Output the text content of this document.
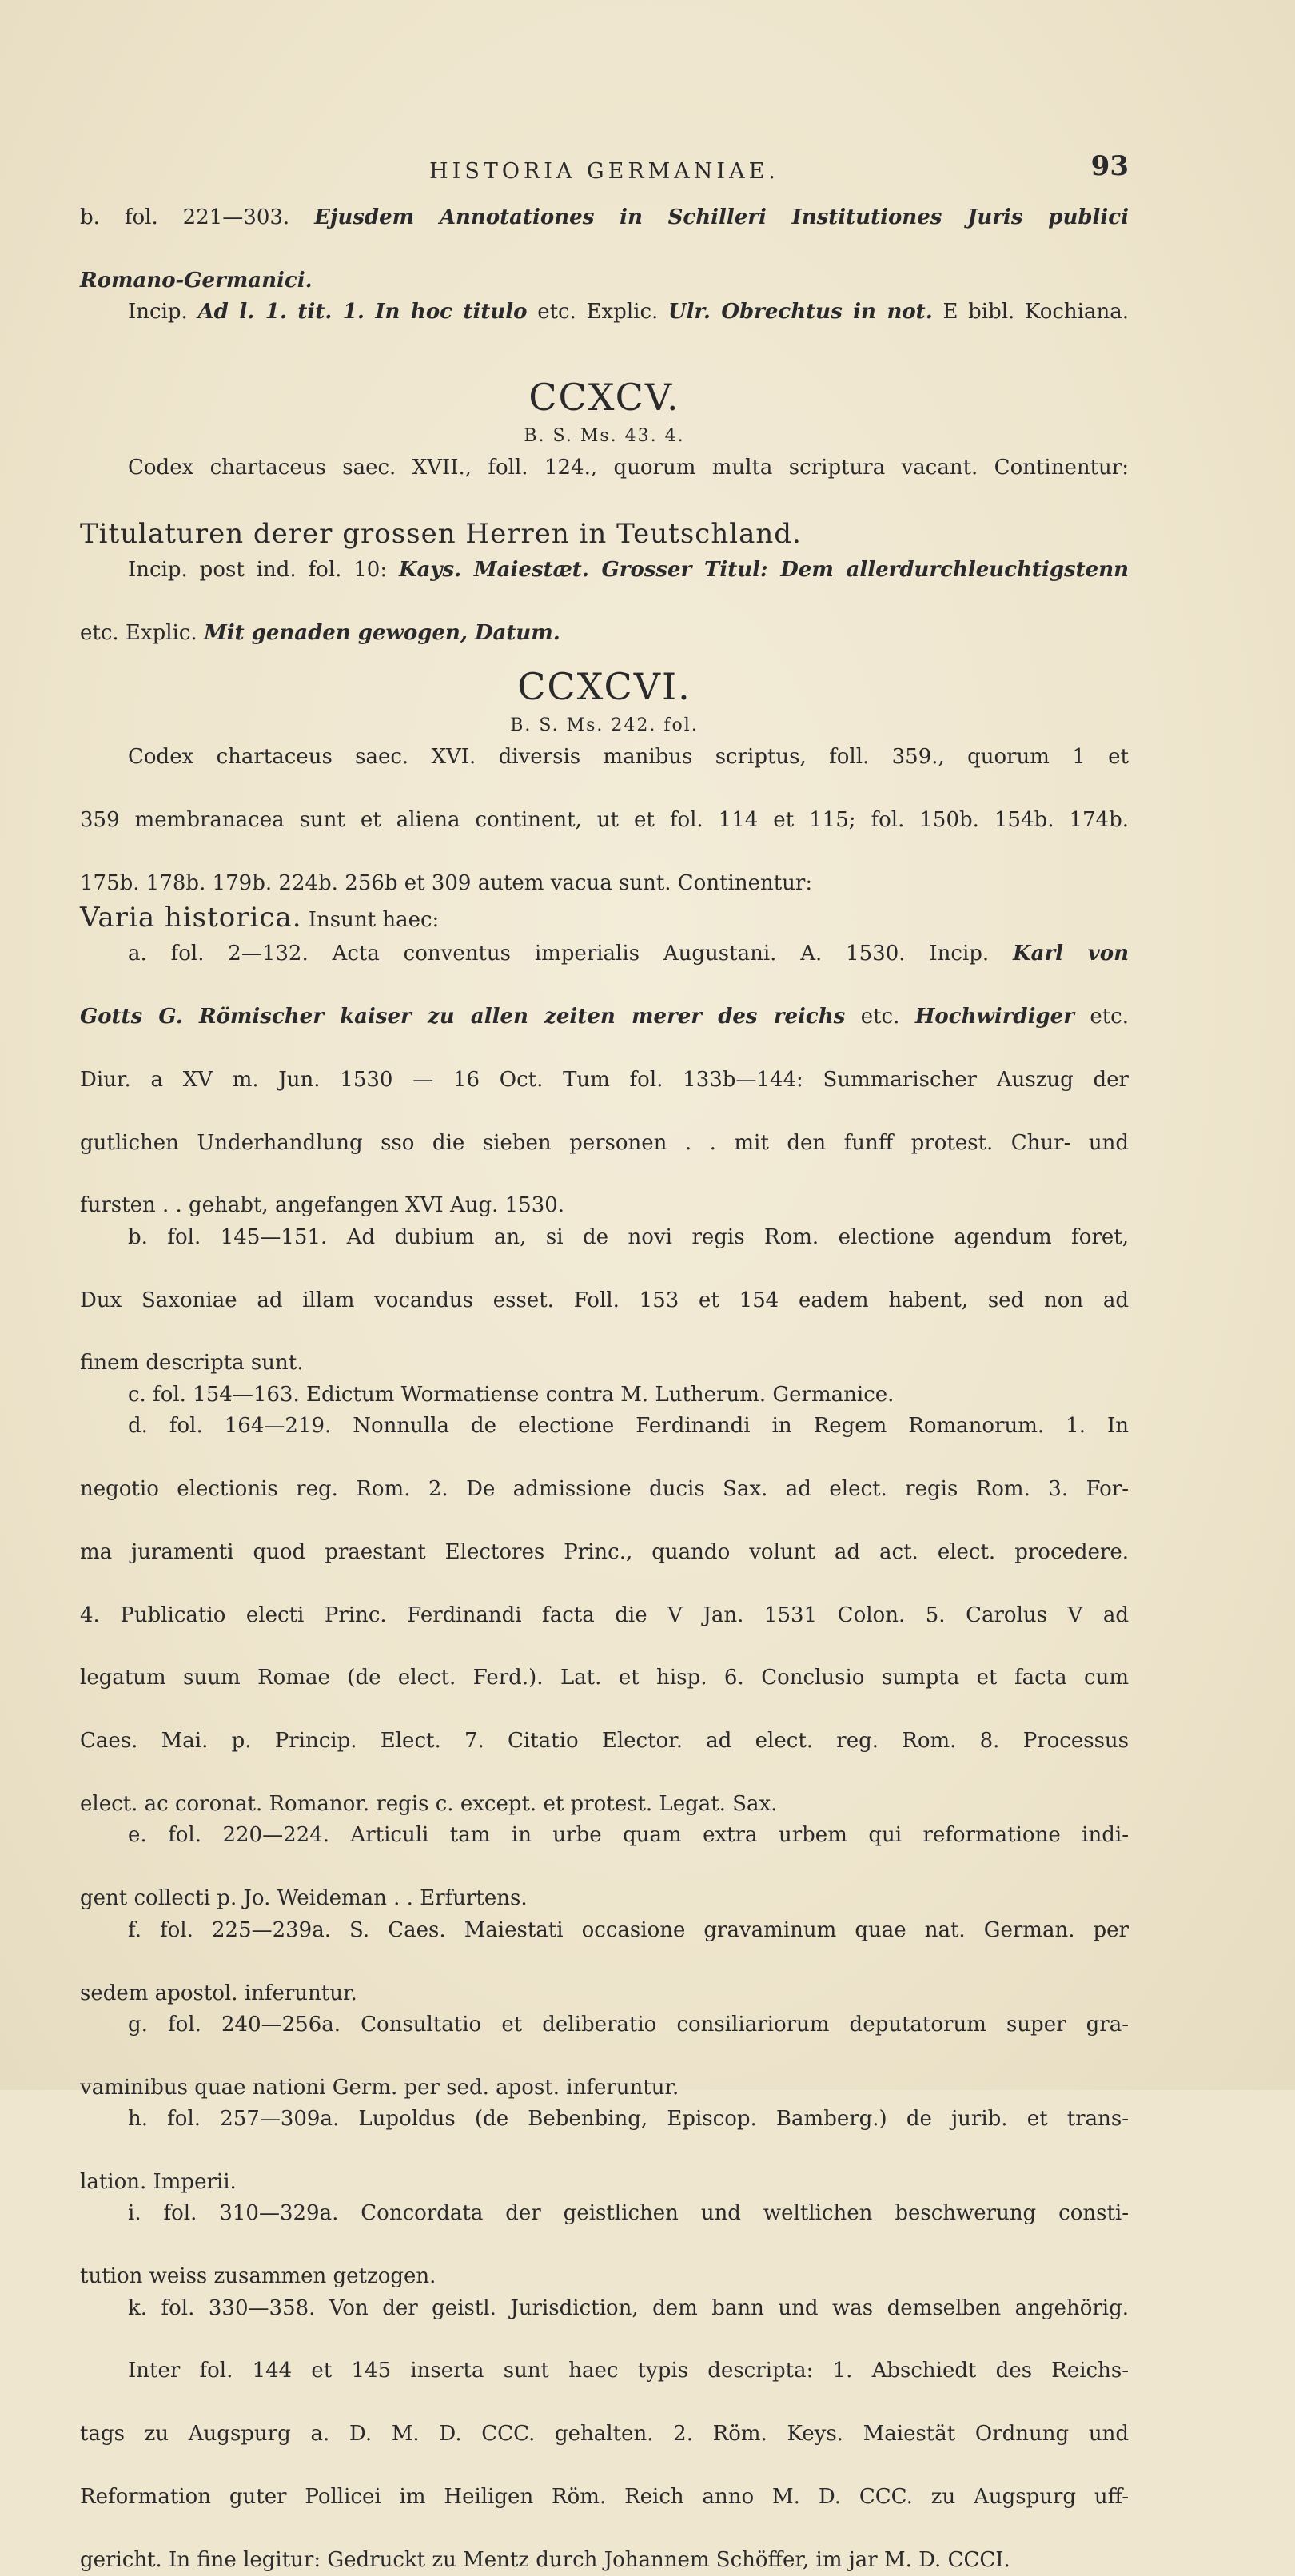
HISTORIA GERMANIAE.	93

b. fol. 221—303. Ejusdem Annotationes in Schilleri Institutiones Juris publici

Romano-Germanici.

Incip. Ad l. 1. tit. 1. In hoc titulo etc. Explic. Ulr. Obrechtus in not. E bibl. Kochiana.

CCXCV.
B. S. Ms. 43. 4.

Codex chartaceus saec. XVII., foll. 124., quorum multa scriptura vacant. Continentur:

Titulaturen derer grossen Herren in Teutschland.

Incip. post ind. fol. 10: Kays. Maiestæt. Grosser Titul: Dem allerdurchleuchtigstenn

etc. Explic. Mit genaden gewogen, Datum.

CCXCVI.
B. S. Ms. 242. fol.

Codex chartaceus saec. XVI. diversis manibus scriptus, foll. 359., quorum 1 et

359 membranacea sunt et aliena continent, ut et fol. 114 et 115; fol. 150b. 154b. 174b.

175b. 178b. 179b. 224b. 256b et 309 autem vacua sunt. Continentur:

Varia historica. Insunt haec:

a. fol. 2—132. Acta conventus imperialis Augustani. A. 1530. Incip. Karl von

Gotts G. Römischer kaiser zu allen zeiten merer des reichs etc. Hochwirdiger etc.

Diur. a XV m. Jun. 1530 — 16 Oct. Tum fol. 133b—144: Summarischer Auszug der

gutlichen Underhandlung sso die sieben personen . . mit den funff protest. Chur- und

fursten . . gehabt, angefangen XVI Aug. 1530.

b. fol. 145—151. Ad dubium an, si de novi regis Rom. electione agendum foret,

Dux Saxoniae ad illam vocandus esset. Foll. 153 et 154 eadem habent, sed non ad

finem descripta sunt.

c. fol. 154—163. Edictum Wormatiense contra M. Lutherum. Germanice.

d. fol. 164—219. Nonnulla de electione Ferdinandi in Regem Romanorum. 1. In

negotio electionis reg. Rom. 2. De admissione ducis Sax. ad elect. regis Rom. 3. For-

ma juramenti quod praestant Electores Princ., quando volunt ad act. elect. procedere.

4. Publicatio electi Princ. Ferdinandi facta die V Jan. 1531 Colon. 5. Carolus V ad

legatum suum Romae (de elect. Ferd.). Lat. et hisp. 6. Conclusio sumpta et facta cum

Caes. Mai. p. Princip. Elect. 7. Citatio Elector. ad elect. reg. Rom. 8. Processus

elect. ac coronat. Romanor. regis c. except. et protest. Legat. Sax.

e. fol. 220—224. Articuli tam in urbe quam extra urbem qui reformatione indi-

gent collecti p. Jo. Weideman . . Erfurtens.

f. fol. 225—239a. S. Caes. Maiestati occasione gravaminum quae nat. German. per

sedem apostol. inferuntur.

g. fol. 240—256a. Consultatio et deliberatio consiliariorum deputatorum super gra-

vaminibus quae nationi Germ. per sed. apost. inferuntur.

h. fol. 257—309a. Lupoldus (de Bebenbing, Episcop. Bamberg.) de jurib. et trans-

lation. Imperii.

i. fol. 310—329a. Concordata der geistlichen und weltlichen beschwerung consti-

tution weiss zusammen getzogen.

k. fol. 330—358. Von der geistl. Jurisdiction, dem bann und was demselben angehörig.

Inter fol. 144 et 145 inserta sunt haec typis descripta: 1. Abschiedt des Reichs-

tags zu Augspurg a. D. M. D. CCC. gehalten. 2. Röm. Keys. Maiestät Ordnung und

Reformation guter Pollicei im Heiligen Röm. Reich anno M. D. CCC. zu Augspurg uff-

gericht. In fine legitur: Gedruckt zu Mentz durch Johannem Schöffer, im jar M. D. CCCI.
